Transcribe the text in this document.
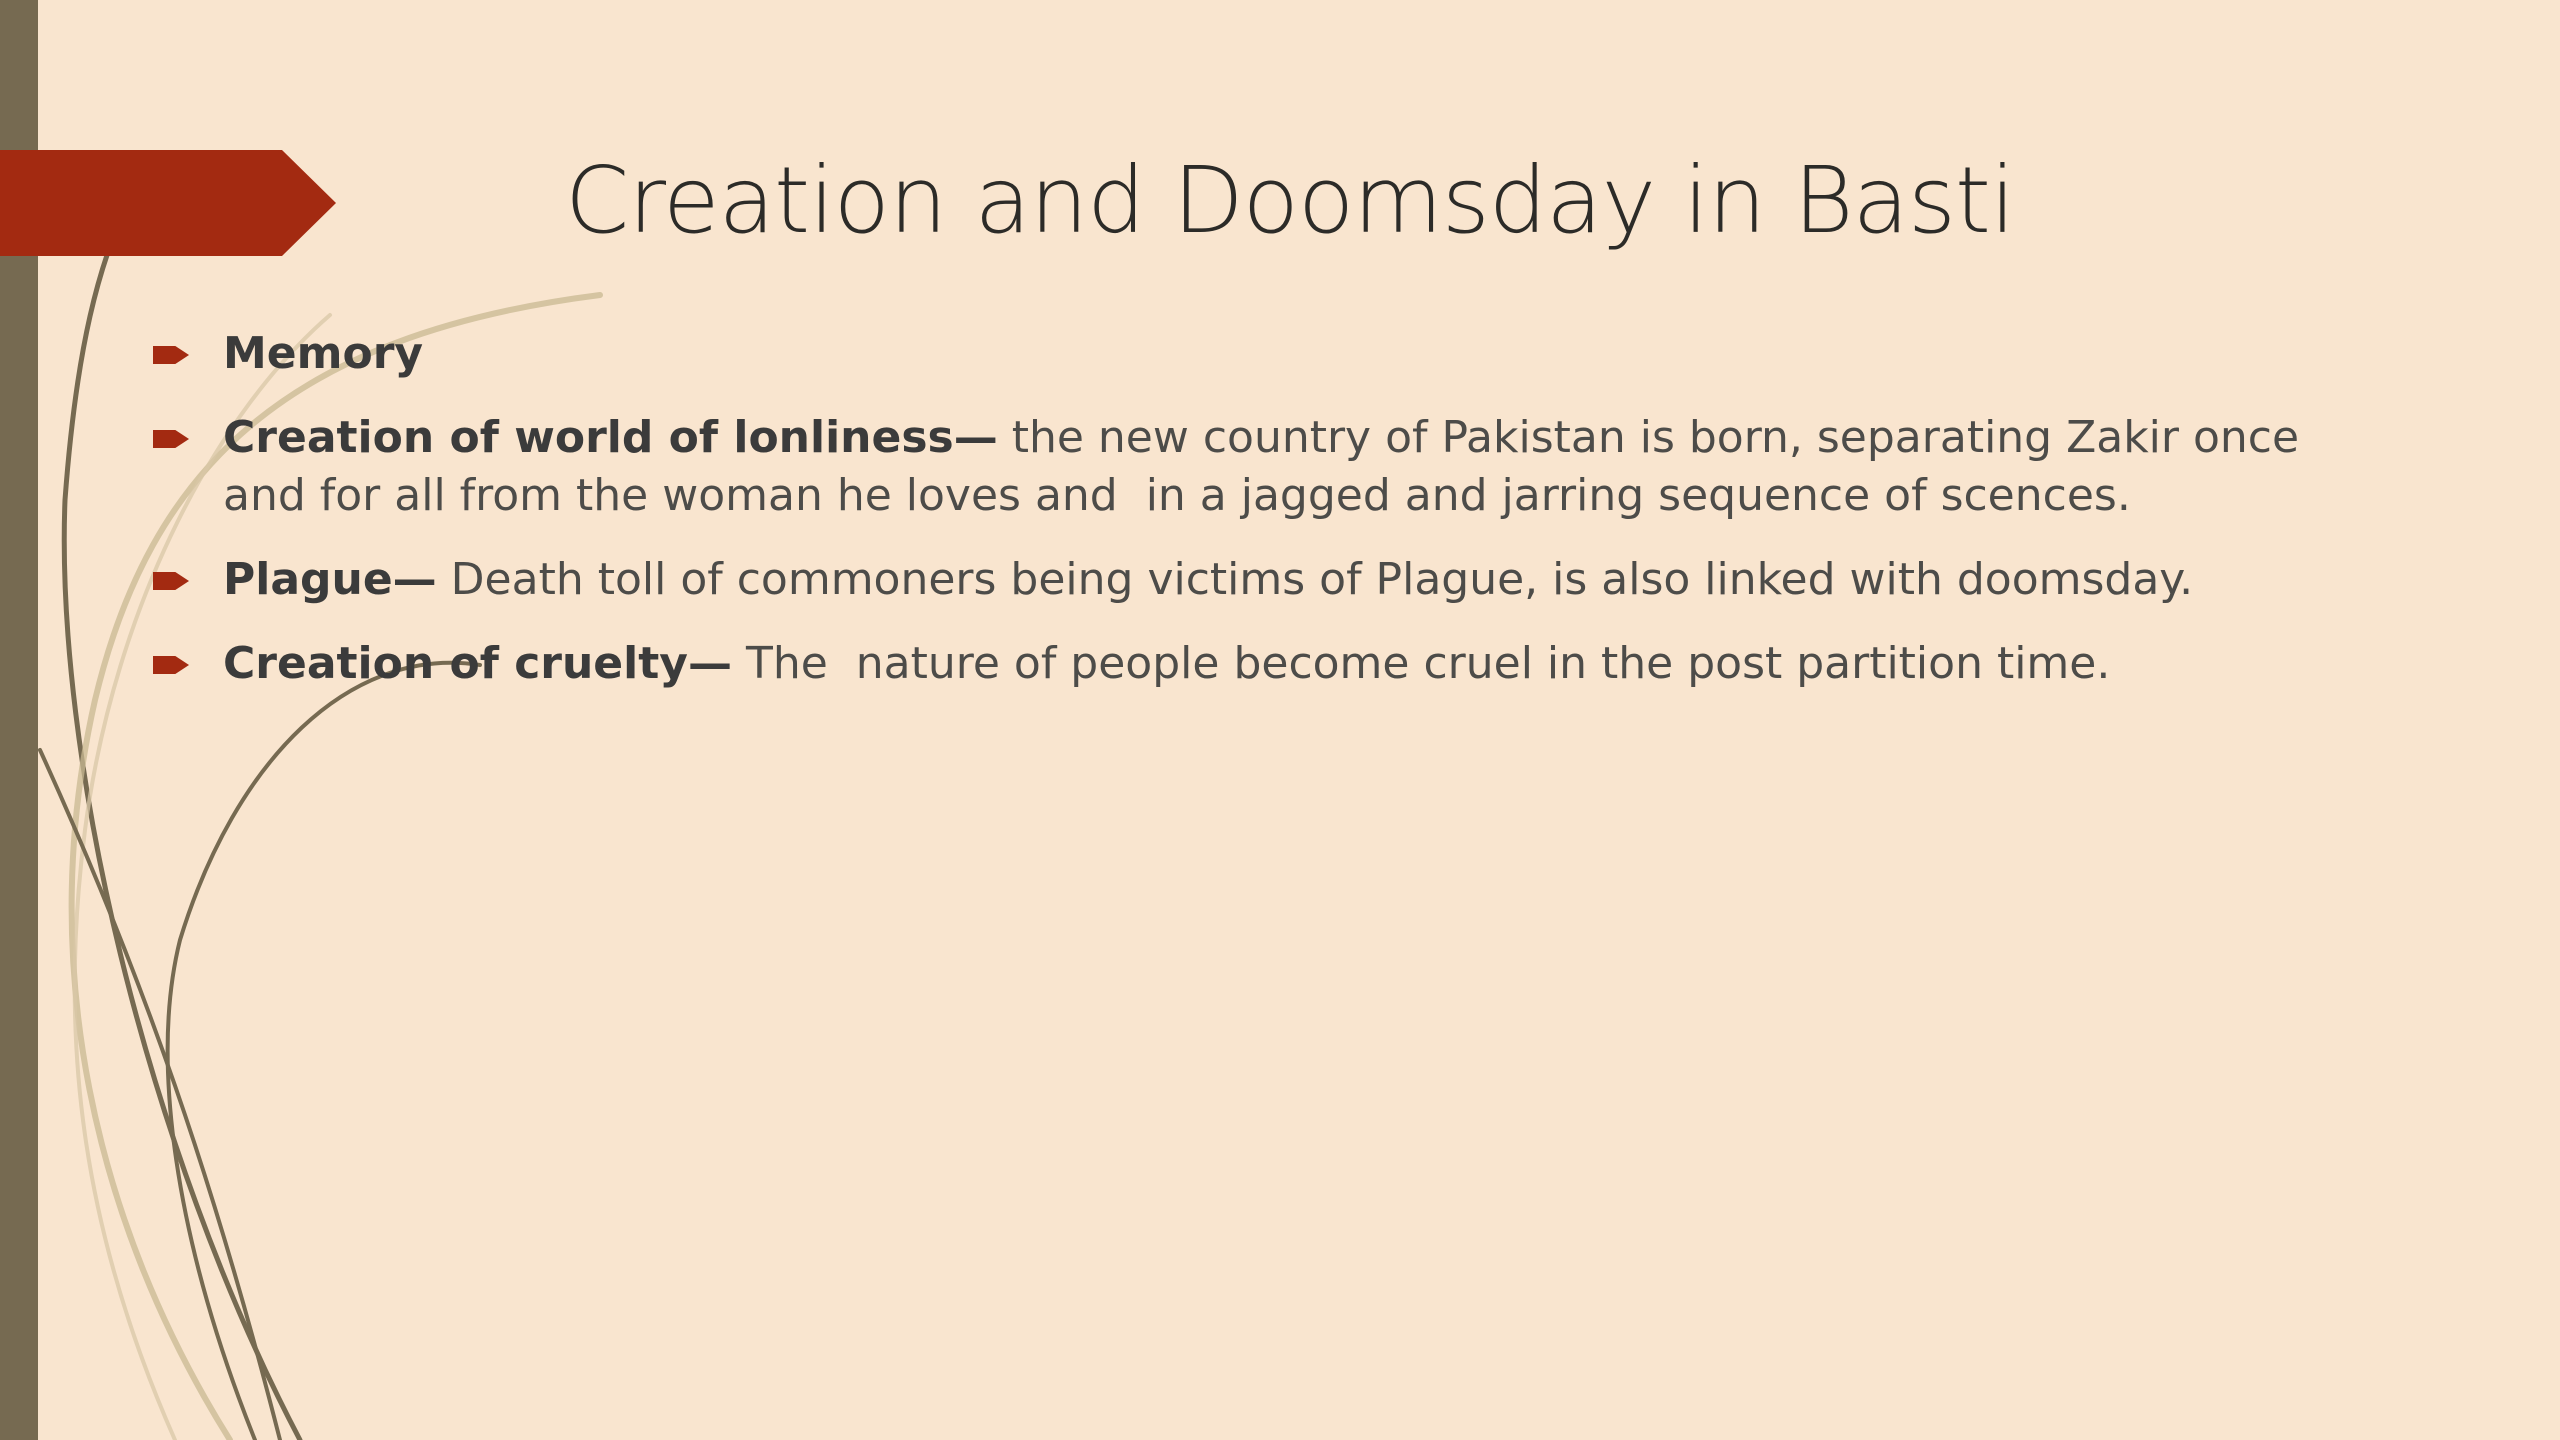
Creation and Doomsday in Basti
Memory
Creation of world of lonliness— the new country of Pakistan is born, separating Zakir once and for all from the woman he loves and  in a jagged and jarring sequence of scences.
Plague— Death toll of commoners being victims of Plague, is also linked with doomsday.
Creation of cruelty— The  nature of people become cruel in the post partition time.
